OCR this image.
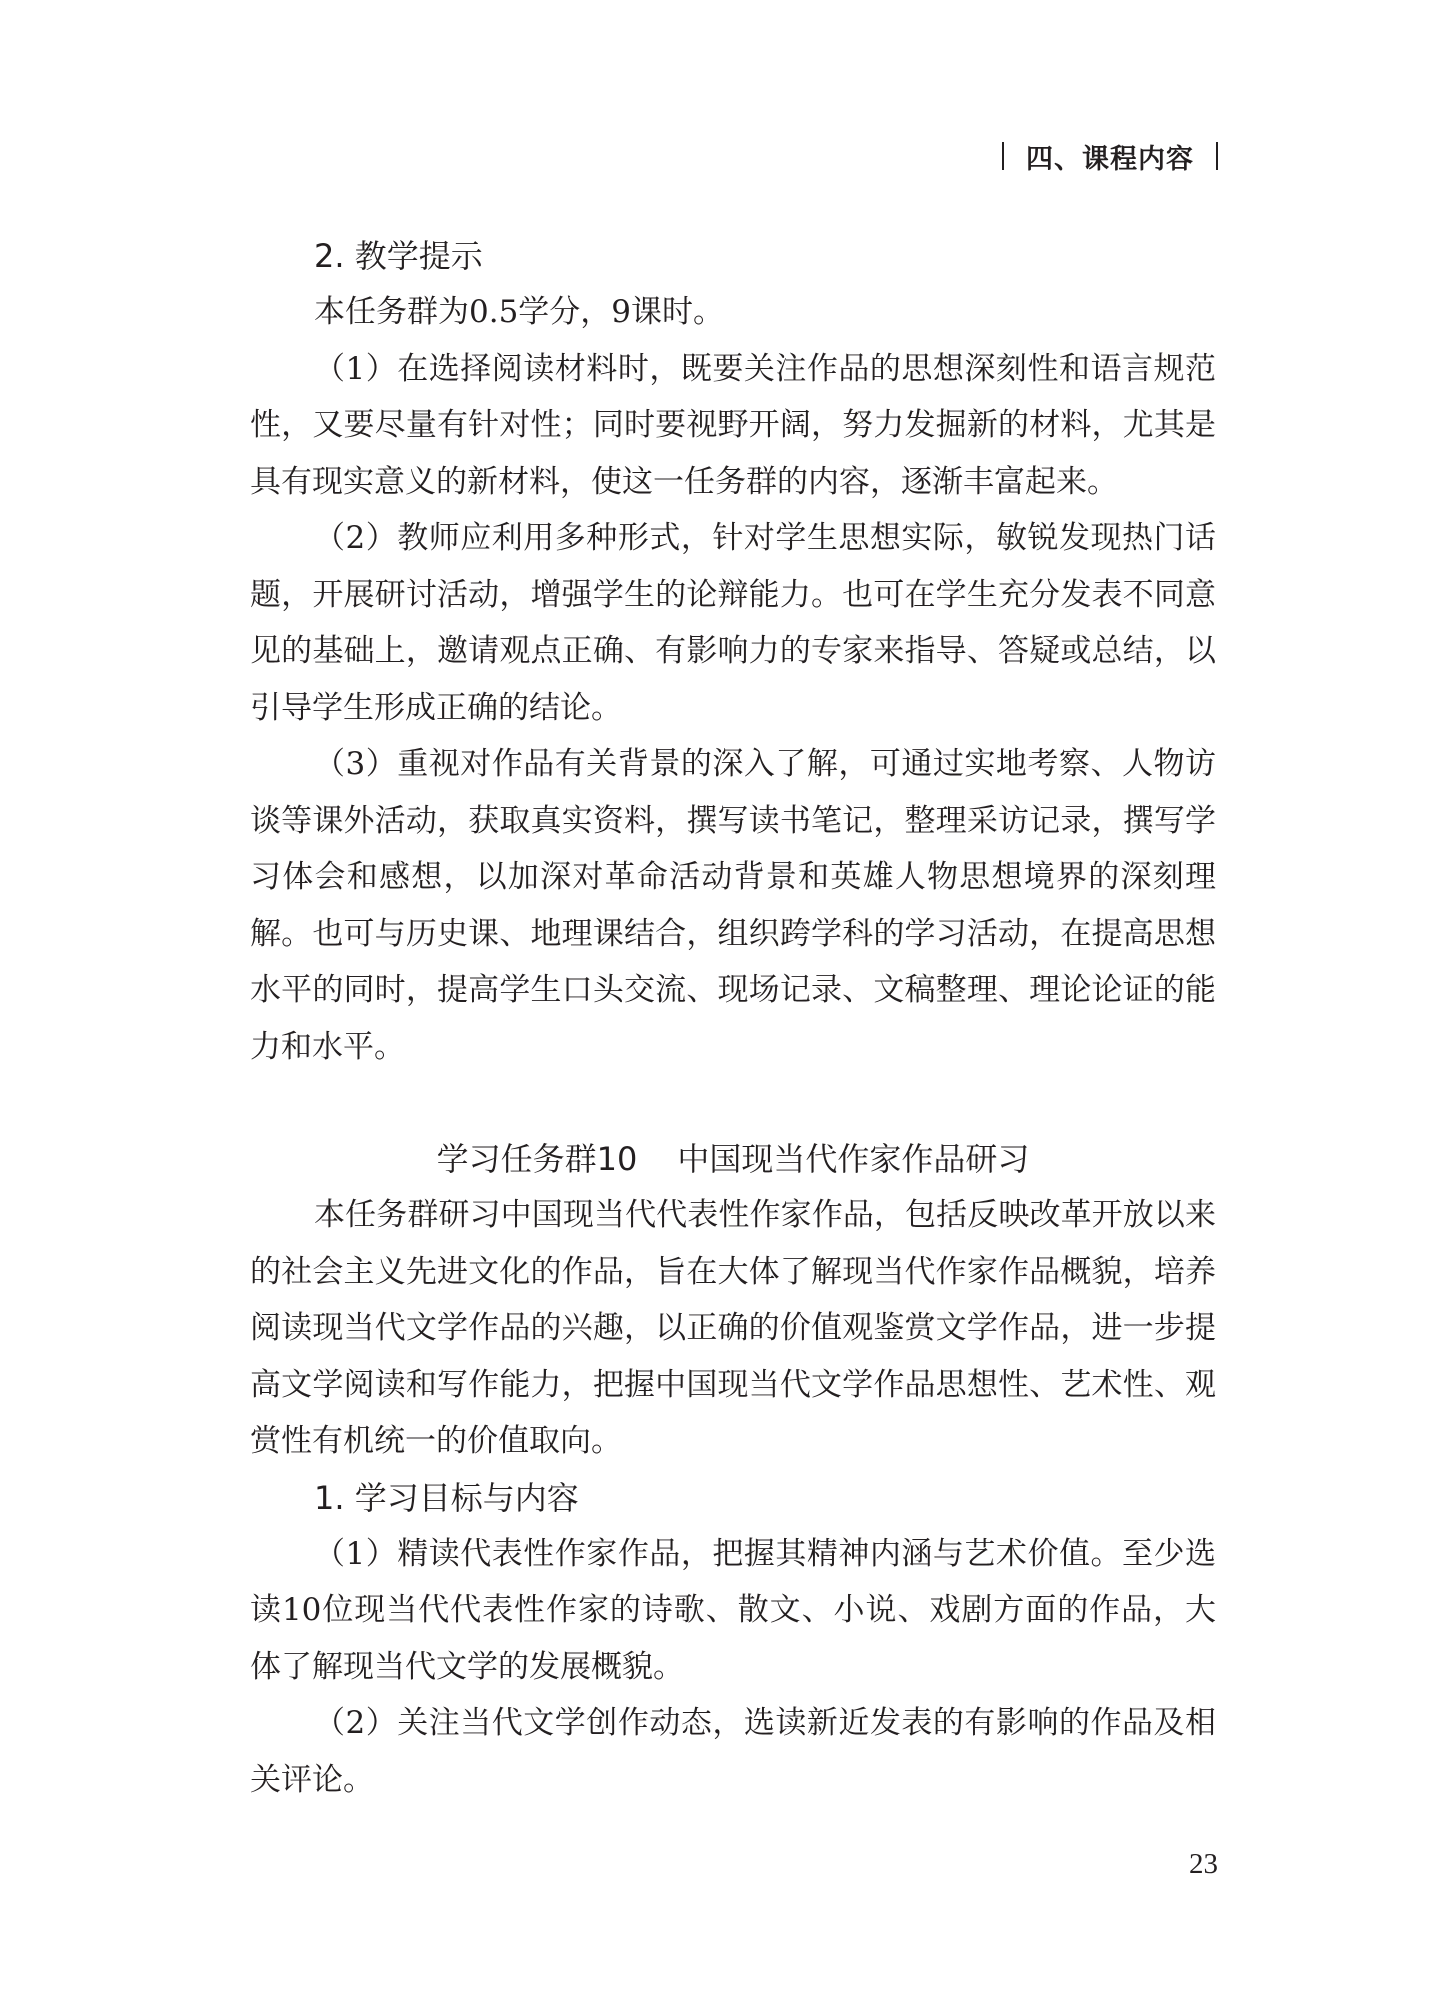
四、课程内容
2. 教学提示

本任务群为0.5学分，9课时。

（1）在选择阅读材料时，既要关注作品的思想深刻性和语言规范性，又要尽量有针对性；同时要视野开阔，努力发掘新的材料，尤其是具有现实意义的新材料，使这一任务群的内容，逐渐丰富起来。

（2）教师应利用多种形式，针对学生思想实际，敏锐发现热门话题，开展研讨活动，增强学生的论辩能力。也可在学生充分发表不同意见的基础上，邀请观点正确、有影响力的专家来指导、答疑或总结，以引导学生形成正确的结论。

（3）重视对作品有关背景的深入了解，可通过实地考察、人物访谈等课外活动，获取真实资料，撰写读书笔记，整理采访记录，撰写学习体会和感想，以加深对革命活动背景和英雄人物思想境界的深刻理解。也可与历史课、地理课结合，组织跨学科的学习活动，在提高思想水平的同时，提高学生口头交流、现场记录、文稿整理、理论论证的能力和水平。

学习任务群10 中国现当代作家作品研习

本任务群研习中国现当代代表性作家作品，包括反映改革开放以来的社会主义先进文化的作品，旨在大体了解现当代作家作品概貌，培养阅读现当代文学作品的兴趣，以正确的价值观鉴赏文学作品，进一步提高文学阅读和写作能力，把握中国现当代文学作品思想性、艺术性、观赏性有机统一的价值取向。

1. 学习目标与内容

（1）精读代表性作家作品，把握其精神内涵与艺术价值。至少选读10位现当代代表性作家的诗歌、散文、小说、戏剧方面的作品，大体了解现当代文学的发展概貌。

（2）关注当代文学创作动态，选读新近发表的有影响的作品及相关评论。

23
